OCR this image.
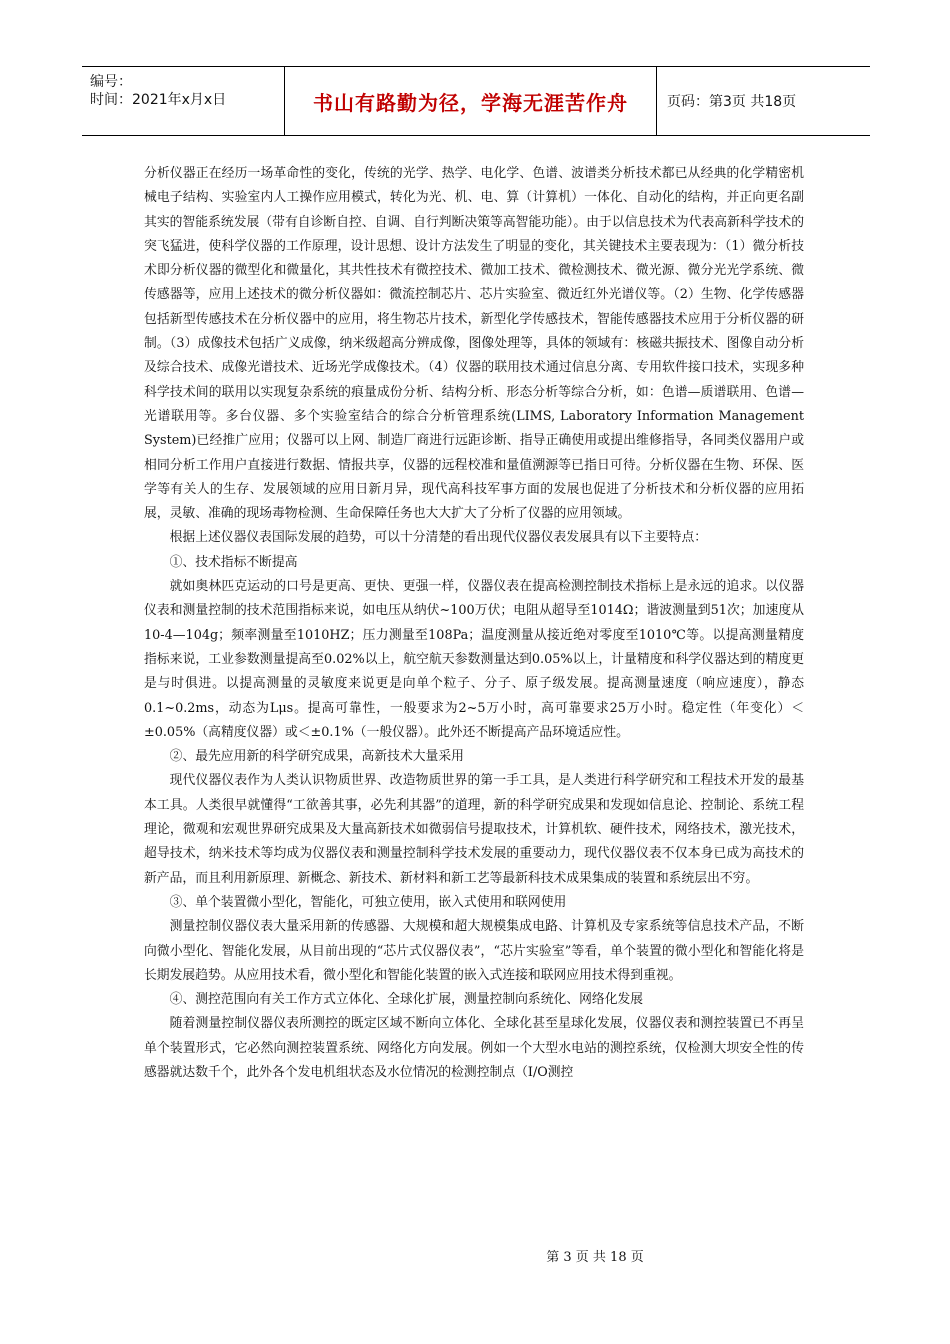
编号：
时间：2021年x月x日	书山有路勤为径，学海无涯苦作舟	页码：第3页 共18页

分析仪器正在经历一场革命性的变化，传统的光学、热学、电化学、色谱、波谱类分析技术都已从经典的化学精密机械电子结构、实验室内人工操作应用模式，转化为光、机、电、算（计算机）一体化、自动化的结构，并正向更名副其实的智能系统发展（带有自诊断自控、自调、自行判断决策等高智能功能）。由于以信息技术为代表高新科学技术的突飞猛进，使科学仪器的工作原理，设计思想、设计方法发生了明显的变化，其关键技术主要表现为：（1）微分析技术即分析仪器的微型化和微量化，其共性技术有微控技术、微加工技术、微检测技术、微光源、微分光光学系统、微传感器等，应用上述技术的微分析仪器如：微流控制芯片、芯片实验室、微近红外光谱仪等。（2）生物、化学传感器包括新型传感技术在分析仪器中的应用，将生物芯片技术，新型化学传感技术，智能传感器技术应用于分析仪器的研制。（3）成像技术包括广义成像，纳米级超高分辨成像，图像处理等，具体的领域有：核磁共振技术、图像自动分析及综合技术、成像光谱技术、近场光学成像技术。（4）仪器的联用技术通过信息分离、专用软件接口技术，实现多种科学技术间的联用以实现复杂系统的痕量成份分析、结构分析、形态分析等综合分析，如：色谱—质谱联用、色谱—光谱联用等。多台仪器、多个实验室结合的综合分析管理系统(LIMS, Laboratory Information Management System)已经推广应用；仪器可以上网、制造厂商进行远距诊断、指导正确使用或提出维修指导，各同类仪器用户或相同分析工作用户直接进行数据、情报共享，仪器的远程校准和量值溯源等已指日可待。分析仪器在生物、环保、医学等有关人的生存、发展领域的应用日新月异，现代高科技军事方面的发展也促进了分析技术和分析仪器的应用拓展，灵敏、准确的现场毒物检测、生命保障任务也大大扩大了分析了仪器的应用领域。

根据上述仪器仪表国际发展的趋势，可以十分清楚的看出现代仪器仪表发展具有以下主要特点：

①、技术指标不断提高

就如奥林匹克运动的口号是更高、更快、更强一样，仪器仪表在提高检测控制技术指标上是永远的追求。以仪器仪表和测量控制的技术范围指标来说，如电压从纳伏~100万伏；电阻从超导至1014Ω；谐波测量到51次；加速度从10-4—104g；频率测量至1010HZ；压力测量至108Pa；温度测量从接近绝对零度至1010℃等。以提高测量精度指标来说，工业参数测量提高至0.02%以上，航空航天参数测量达到0.05%以上，计量精度和科学仪器达到的精度更是与时俱进。以提高测量的灵敏度来说更是向单个粒子、分子、原子级发展。提高测量速度（响应速度），静态0.1~0.2ms，动态为Lμs。提高可靠性，一般要求为2~5万小时，高可靠要求25万小时。稳定性（年变化）＜±0.05%（高精度仪器）或＜±0.1%（一般仪器）。此外还不断提高产品环境适应性。

②、最先应用新的科学研究成果，高新技术大量采用

现代仪器仪表作为人类认识物质世界、改造物质世界的第一手工具，是人类进行科学研究和工程技术开发的最基本工具。人类很早就懂得“工欲善其事，必先利其器”的道理，新的科学研究成果和发现如信息论、控制论、系统工程理论，微观和宏观世界研究成果及大量高新技术如微弱信号提取技术，计算机软、硬件技术，网络技术，激光技术，超导技术，纳米技术等均成为仪器仪表和测量控制科学技术发展的重要动力，现代仪器仪表不仅本身已成为高技术的新产品，而且利用新原理、新概念、新技术、新材料和新工艺等最新科技术成果集成的装置和系统层出不穷。

③、单个装置微小型化，智能化，可独立使用，嵌入式使用和联网使用

测量控制仪器仪表大量采用新的传感器、大规模和超大规模集成电路、计算机及专家系统等信息技术产品，不断向微小型化、智能化发展，从目前出现的“芯片式仪器仪表”，“芯片实验室”等看，单个装置的微小型化和智能化将是长期发展趋势。从应用技术看，微小型化和智能化装置的嵌入式连接和联网应用技术得到重视。

④、测控范围向有关工作方式立体化、全球化扩展，测量控制向系统化、网络化发展

随着测量控制仪器仪表所测控的既定区域不断向立体化、全球化甚至星球化发展，仪器仪表和测控装置已不再呈单个装置形式，它必然向测控装置系统、网络化方向发展。例如一个大型水电站的测控系统，仅检测大坝安全性的传感器就达数千个，此外各个发电机组状态及水位情况的检测控制点（I/O测控

第 3 页 共 18 页
